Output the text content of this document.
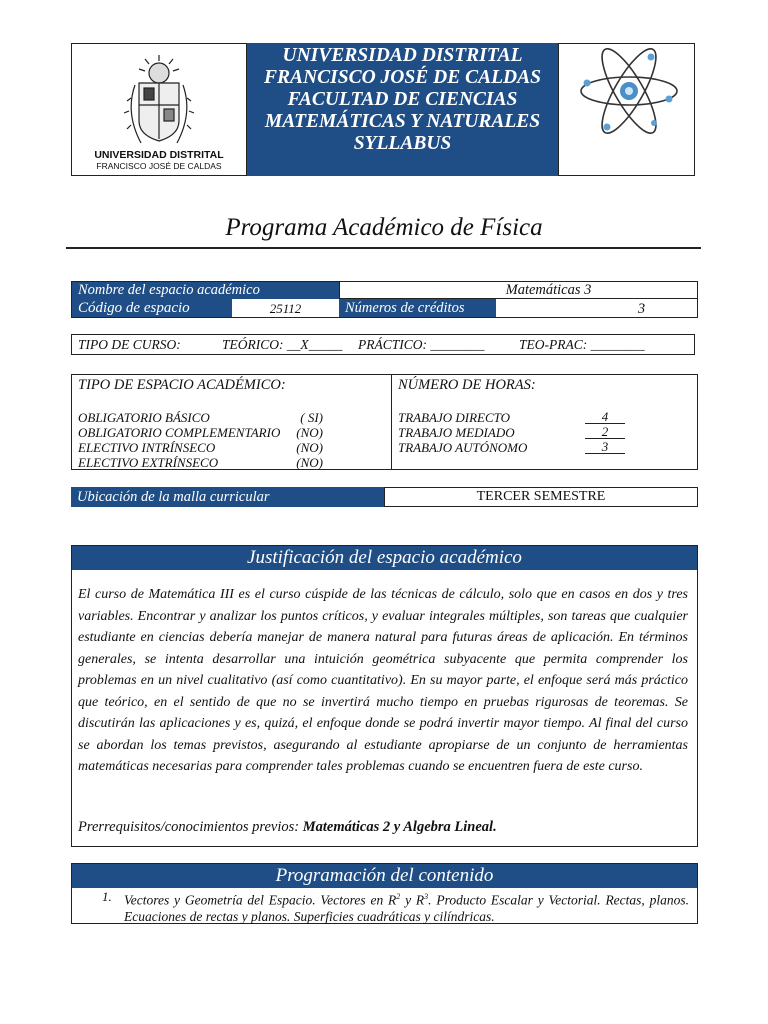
UNIVERSIDAD DISTRITAL
FRANCISCO JOSÉ DE CALDAS
UNIVERSIDAD DISTRITAL
FRANCISCO JOSÉ DE CALDAS
FACULTAD DE CIENCIAS
MATEMÁTICAS Y NATURALES
SYLLABUS
Programa Académico de Física
Nombre del espacio académico	Matemáticas 3
Código de espacio	25112	Números de créditos	3
TIPO DE CURSO:	TEÓRICO: __X_____ PRÁCTICO: ________	TEO-PRAC: ________
TIPO DE ESPACIO ACADÉMICO:
OBLIGATORIO BÁSICO	( SI)
OBLIGATORIO COMPLEMENTARIO (NO)
ELECTIVO INTRÍNSECO	(NO)
ELECTIVO EXTRÍNSECO	(NO)
NÚMERO DE HORAS:
TRABAJO DIRECTO	4
TRABAJO MEDIADO	2
TRABAJO AUTÓNOMO	3
Ubicación de la malla curricular	TERCER SEMESTRE
Justificación del espacio académico
El curso de Matemática III es el curso cúspide de las técnicas de cálculo, solo que en casos en dos y tres variables. Encontrar y analizar los puntos críticos, y evaluar integrales múltiples, son tareas que cualquier estudiante en ciencias debería manejar de manera natural para futuras áreas de aplicación. En términos generales, se intenta desarrollar una intuición geométrica subyacente que permita comprender los problemas en un nivel cualitativo (así como cuantitativo). En su mayor parte, el enfoque será más práctico que teórico, en el sentido de que no se invertirá mucho tiempo en pruebas rigurosas de teoremas. Se discutirán las aplicaciones y es, quizá, el enfoque donde se podrá invertir mayor tiempo. Al final del curso se abordan los temas previstos, asegurando al estudiante apropiarse de un conjunto de herramientas matemáticas necesarias para comprender tales problemas cuando se encuentren fuera de este curso.
Prerrequisitos/conocimientos previos: Matemáticas 2 y Algebra Lineal.
Programación del contenido
1. Vectores y Geometría del Espacio. Vectores en $R^2$ y $R^3$. Producto Escalar y Vectorial. Rectas, planos. Ecuaciones de rectas y planos. Superficies cuadráticas y cilíndricas.
